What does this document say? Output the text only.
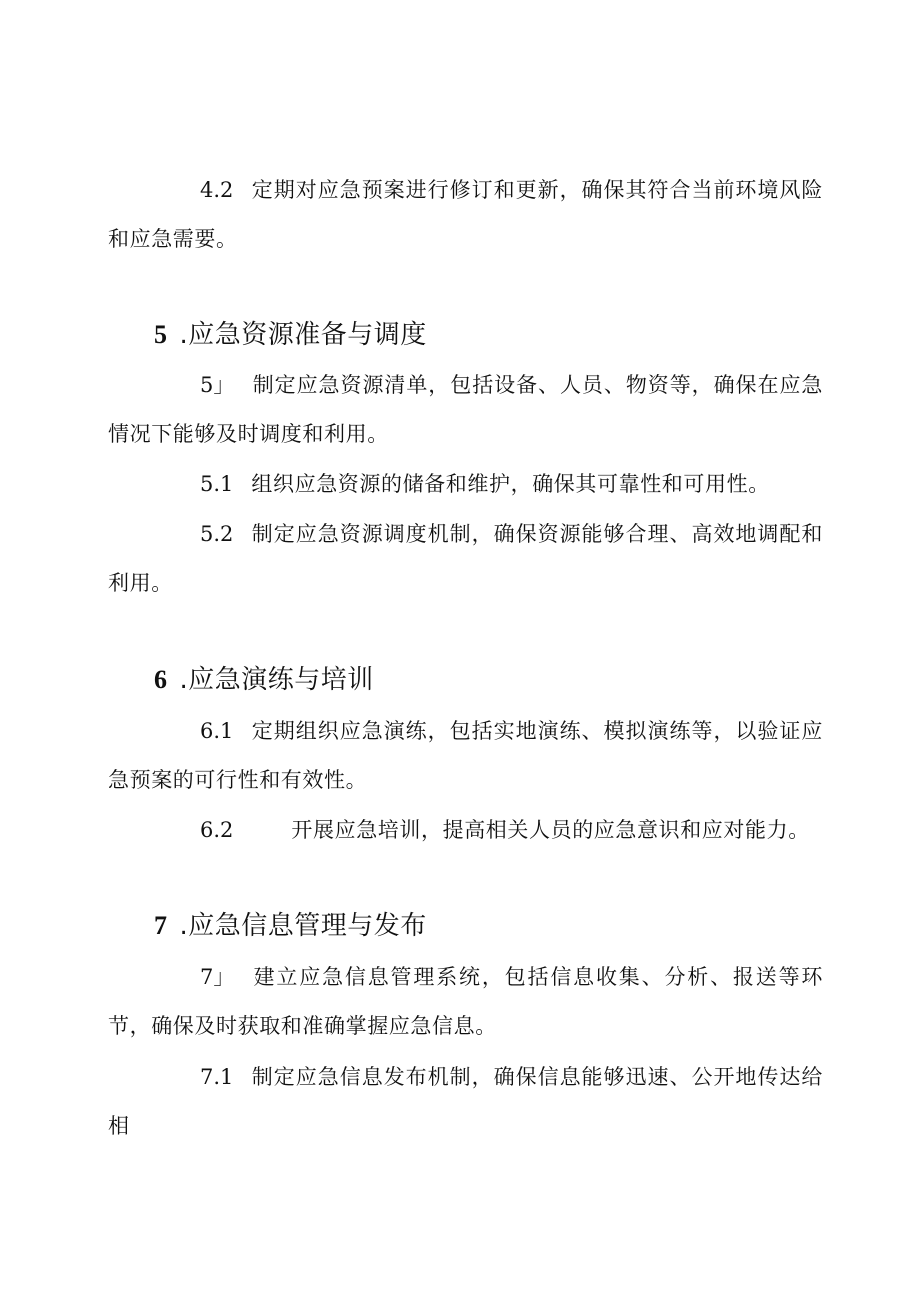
4.2 定期对应急预案进行修订和更新，确保其符合当前环境风险和应急需要。

5 .应急资源准备与调度

5」 制定应急资源清单，包括设备、人员、物资等，确保在应急情况下能够及时调度和利用。

5.1 组织应急资源的储备和维护，确保其可靠性和可用性。

5.2 制定应急资源调度机制，确保资源能够合理、高效地调配和利用。

6 .应急演练与培训

6.1 定期组织应急演练，包括实地演练、模拟演练等，以验证应急预案的可行性和有效性。

6.2	开展应急培训，提高相关人员的应急意识和应对能力。

7 .应急信息管理与发布

7」 建立应急信息管理系统，包括信息收集、分析、报送等环节，确保及时获取和准确掌握应急信息。

7.1 制定应急信息发布机制，确保信息能够迅速、公开地传达给相
